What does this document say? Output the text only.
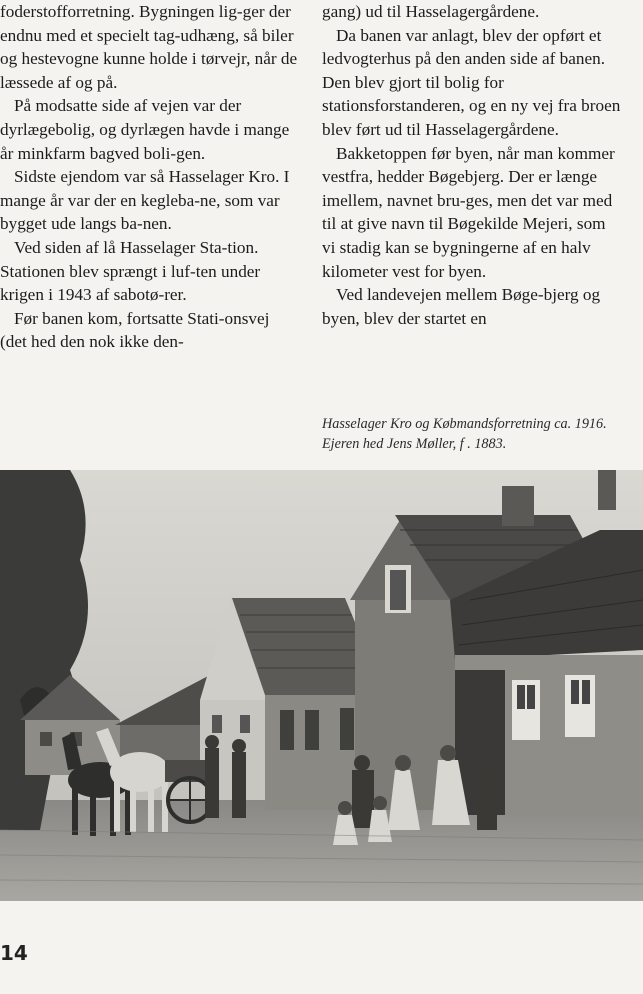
foderstofforretning. Bygningen lig-ger der endnu med et specielt tag-udhæng, så biler og hestevogne kunne holde i tørvejr, når de læssede af og på.

På modsatte side af vejen var der dyrlægebolig, og dyrlægen havde i mange år minkfarm bagved boli-gen.

Sidste ejendom var så Hasselager Kro. I mange år var der en keglebа-ne, som var bygget ude langs ba-nen.

Ved siden af lå Hasselager Sta-tion. Stationen blev sprængt i luf-ten under krigen i 1943 af sabotø-rer.

Før banen kom, fortsatte Stati-onsvej (det hed den nok ikke den-

gang) ud til Hasselagergårdene.

Da banen var anlagt, blev der opført et ledvogterhus på den anden side af banen. Den blev gjort til bolig for stationsforstanderen, og en ny vej fra broen blev ført ud til Hasselagergårdene.

Bakketoppen før byen, når man kommer vestfra, hedder Bøgebjerg. Der er længe imellem, navnet bru-ges, men det var med til at give navn til Bøgekilde Mejeri, som vi stadig kan se bygningerne af en halv kilometer vest for byen.

Ved landevejen mellem Bøge-bjerg og byen, blev der startet en

Hasselager Kro og Købmandsforretning ca. 1916. Ejeren hed Jens Møller, f . 1883.

14
